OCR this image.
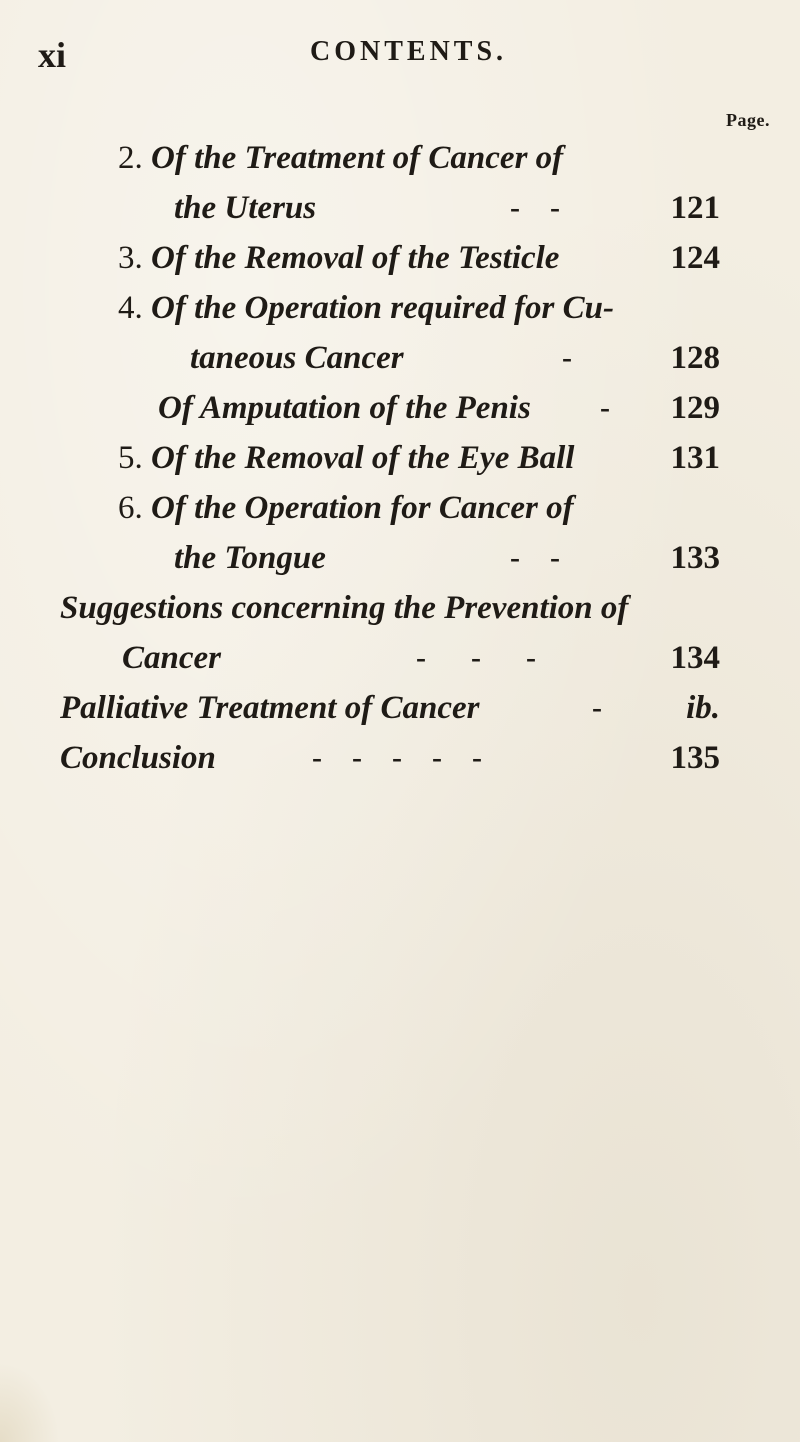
xi	CONTENTS.
Page.
2. Of the Treatment of Cancer of
the Uterus	-    -	121
3. Of the Removal of the Testicle	124
4. Of the Operation required for Cu-
taneous Cancer	-	128
Of Amputation of the Penis -	129
5. Of the Removal of the Eye Ball	131
6. Of the Operation for Cancer of
the Tongue	-    -	133
Suggestions concerning the Prevention of
Cancer	-      -      -	134
Palliative Treatment of Cancer	-	ib.
Conclusion	-    -    -    -    -	135
